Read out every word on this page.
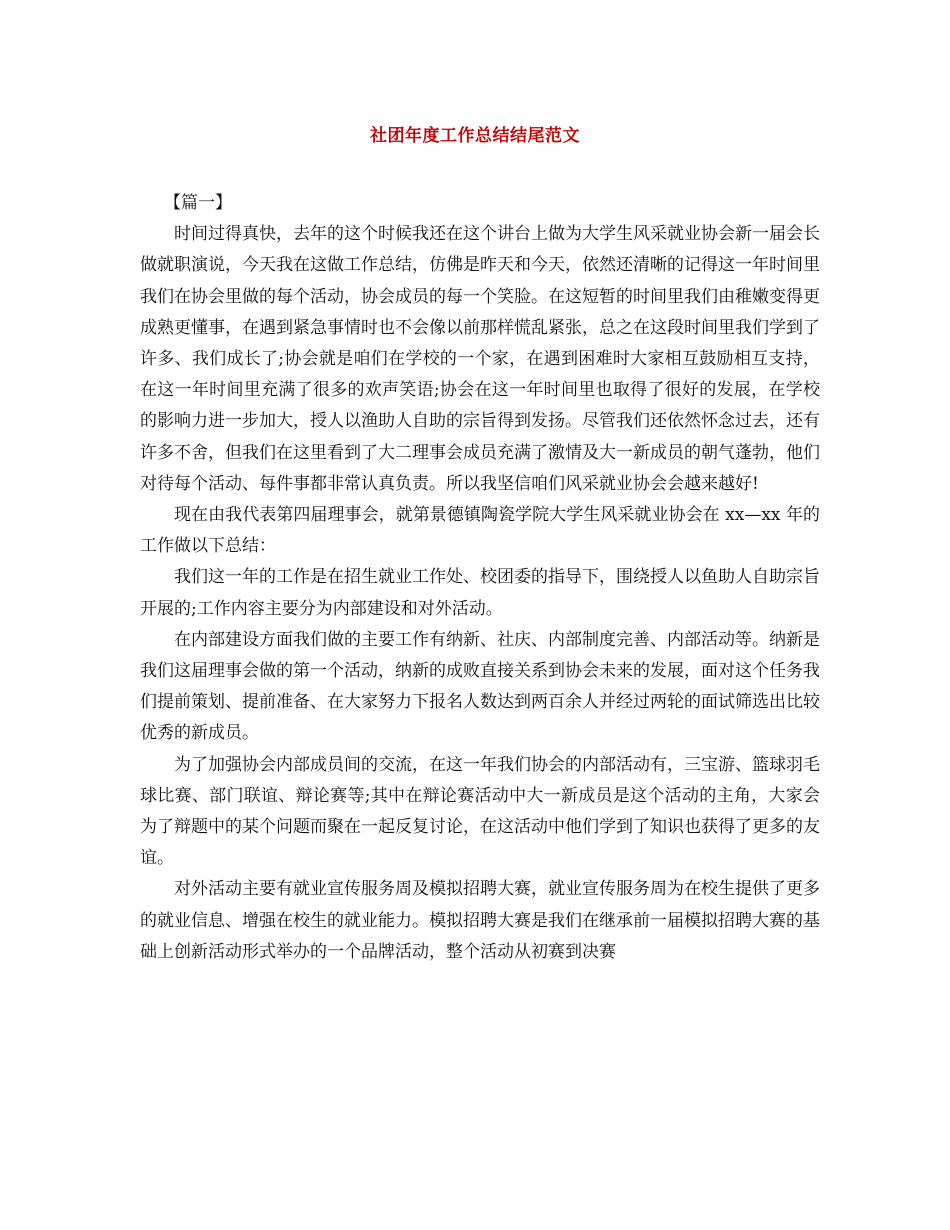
社团年度工作总结结尾范文

【篇一】

时间过得真快，去年的这个时候我还在这个讲台上做为大学生风采就业协会新一届会长做就职演说，今天我在这做工作总结，仿佛是昨天和今天，依然还清晰的记得这一年时间里我们在协会里做的每个活动，协会成员的每一个笑脸。在这短暂的时间里我们由稚嫩变得更成熟更懂事，在遇到紧急事情时也不会像以前那样慌乱紧张，总之在这段时间里我们学到了许多、我们成长了;协会就是咱们在学校的一个家，在遇到困难时大家相互鼓励相互支持，在这一年时间里充满了很多的欢声笑语;协会在这一年时间里也取得了很好的发展，在学校的影响力进一步加大，授人以渔助人自助的宗旨得到发扬。尽管我们还依然怀念过去，还有许多不舍，但我们在这里看到了大二理事会成员充满了激情及大一新成员的朝气蓬勃，他们对待每个活动、每件事都非常认真负责。所以我坚信咱们风采就业协会会越来越好!

现在由我代表第四届理事会，就第景德镇陶瓷学院大学生风采就业协会在 xx—xx 年的工作做以下总结：

我们这一年的工作是在招生就业工作处、校团委的指导下，围绕授人以鱼助人自助宗旨开展的;工作内容主要分为内部建设和对外活动。

在内部建设方面我们做的主要工作有纳新、社庆、内部制度完善、内部活动等。纳新是我们这届理事会做的第一个活动，纳新的成败直接关系到协会未来的发展，面对这个任务我们提前策划、提前准备、在大家努力下报名人数达到两百余人并经过两轮的面试筛选出比较优秀的新成员。

为了加强协会内部成员间的交流，在这一年我们协会的内部活动有，三宝游、篮球羽毛球比赛、部门联谊、辩论赛等;其中在辩论赛活动中大一新成员是这个活动的主角，大家会为了辩题中的某个问题而聚在一起反复讨论，在这活动中他们学到了知识也获得了更多的友谊。

对外活动主要有就业宣传服务周及模拟招聘大赛，就业宣传服务周为在校生提供了更多的就业信息、增强在校生的就业能力。模拟招聘大赛是我们在继承前一届模拟招聘大赛的基础上创新活动形式举办的一个品牌活动，整个活动从初赛到决赛
